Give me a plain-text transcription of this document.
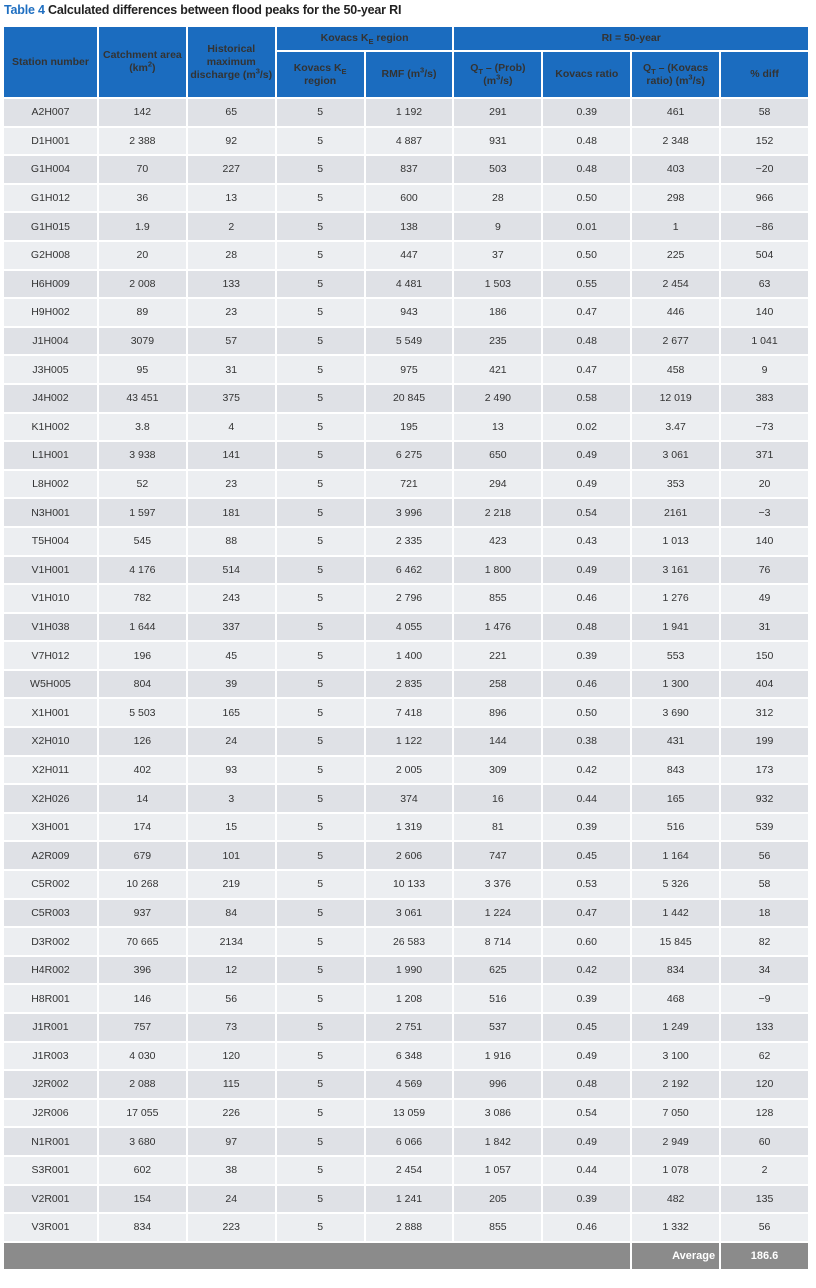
Table 4 Calculated differences between flood peaks for the 50-year RI
Station number	Catchment area $(km^2)$	Historical maximum discharge $(m^3/s)$	Kovacs $K_E$ region		RI = 50-year			
			Kovacs $K_E$ region	RMF $(m^3/s)$	$Q_T$ – (Prob) $(m^3/s)$	Kovacs ratio	$Q_T$ – (Kovacs ratio) $(m^3/s)$	% diff
A2H007	142	65	5	1 192	291	0.39	461	58
D1H001	2 388	92	5	4 887	931	0.48	2 348	152
G1H004	70	227	5	837	503	0.48	403	−20
G1H012	36	13	5	600	28	0.50	298	966
G1H015	1.9	2	5	138	9	0.01	1	−86
G2H008	20	28	5	447	37	0.50	225	504
H6H009	2 008	133	5	4 481	1 503	0.55	2 454	63
H9H002	89	23	5	943	186	0.47	446	140
J1H004	3079	57	5	5 549	235	0.48	2 677	1 041
J3H005	95	31	5	975	421	0.47	458	9
J4H002	43 451	375	5	20 845	2 490	0.58	12 019	383
K1H002	3.8	4	5	195	13	0.02	3.47	−73
L1H001	3 938	141	5	6 275	650	0.49	3 061	371
L8H002	52	23	5	721	294	0.49	353	20
N3H001	1 597	181	5	3 996	2 218	0.54	2161	−3
T5H004	545	88	5	2 335	423	0.43	1 013	140
V1H001	4 176	514	5	6 462	1 800	0.49	3 161	76
V1H010	782	243	5	2 796	855	0.46	1 276	49
V1H038	1 644	337	5	4 055	1 476	0.48	1 941	31
V7H012	196	45	5	1 400	221	0.39	553	150
W5H005	804	39	5	2 835	258	0.46	1 300	404
X1H001	5 503	165	5	7 418	896	0.50	3 690	312
X2H010	126	24	5	1 122	144	0.38	431	199
X2H011	402	93	5	2 005	309	0.42	843	173
X2H026	14	3	5	374	16	0.44	165	932
X3H001	174	15	5	1 319	81	0.39	516	539
A2R009	679	101	5	2 606	747	0.45	1 164	56
C5R002	10 268	219	5	10 133	3 376	0.53	5 326	58
C5R003	937	84	5	3 061	1 224	0.47	1 442	18
D3R002	70 665	2134	5	26 583	8 714	0.60	15 845	82
H4R002	396	12	5	1 990	625	0.42	834	34
H8R001	146	56	5	1 208	516	0.39	468	−9
J1R001	757	73	5	2 751	537	0.45	1 249	133
J1R003	4 030	120	5	6 348	1 916	0.49	3 100	62
J2R002	2 088	115	5	4 569	996	0.48	2 192	120
J2R006	17 055	226	5	13 059	3 086	0.54	7 050	128
N1R001	3 680	97	5	6 066	1 842	0.49	2 949	60
S3R001	602	38	5	2 454	1 057	0.44	1 078	2
V2R001	154	24	5	1 241	205	0.39	482	135
V3R001	834	223	5	2 888	855	0.46	1 332	56
							Average	186.6
